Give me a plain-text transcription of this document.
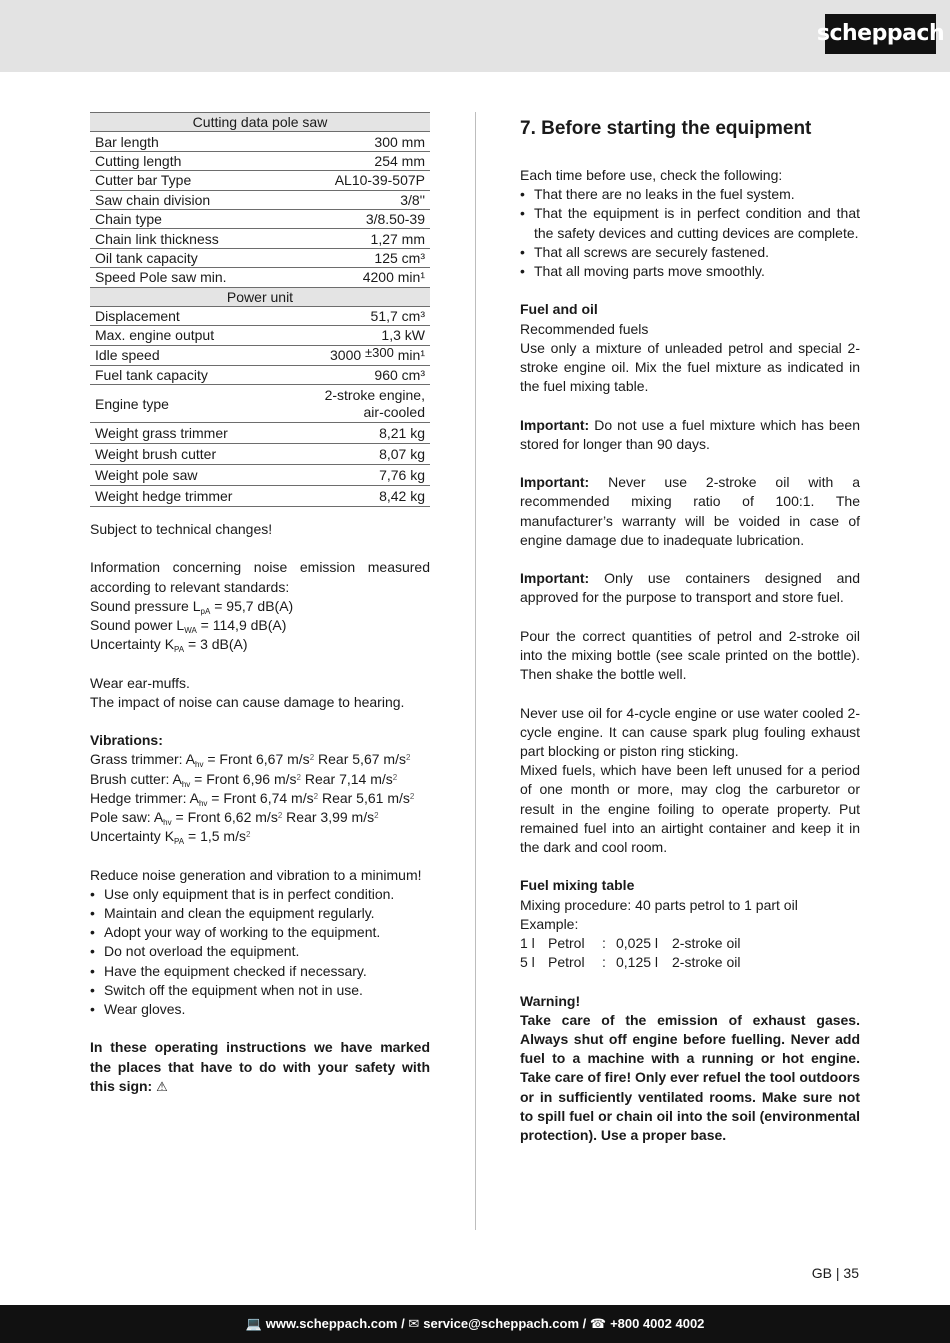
scheppach
Cutting data pole saw	
Bar length	300 mm
Cutting length	254 mm
Cutter bar Type	AL10-39-507P
Saw chain division	3/8''
Chain type	3/8.50-39
Chain link thickness	1,27 mm
Oil tank capacity	125 cm³
Speed Pole saw min.	4200 min¹
Power unit	
Displacement	51,7 cm³
Max. engine output	1,3 kW
Idle speed	3000 ±300 min¹
Fuel tank capacity	960 cm³
Engine type	2-stroke engine,
air-cooled

Weight grass trimmer	8,21 kg
Weight brush cutter	8,07 kg
Weight pole saw	7,76 kg
Weight hedge trimmer	8,42 kg

Subject to technical changes!

Information concerning noise emission measured according to relevant standards:

Sound pressure $L_{pA} = 95,7$ dB(A)

Sound power $L_{WA} = 114,9$ dB(A)

Uncertainty $K_{PA} = 3$ dB(A)

Wear ear-muffs.

The impact of noise can cause damage to hearing.

Vibrations:

Grass trimmer: $A_{hv}$ = Front 6,67 $m/s^2$ Rear 5,67 $m/s^2$

Brush cutter: $A_{hv}$ = Front 6,96 $m/s^2$ Rear 7,14 $m/s^2$

Hedge trimmer: $A_{hv}$ = Front 6,74 $m/s^2$ Rear 5,61 $m/s^2$

Pole saw: $A_{hv}$ = Front 6,62 $m/s^2$ Rear 3,99 $m/s^2$

Uncertainty $K_{PA} = 1,5$ $m/s^2$

Reduce noise generation and vibration to a minimum!

• Use only equipment that is in perfect condition.
• Maintain and clean the equipment regularly.
• Adopt your way of working to the equipment.
• Do not overload the equipment.
• Have the equipment checked if necessary.
• Switch off the equipment when not in use.
• Wear gloves.

In these operating instructions we have marked the places that have to do with your safety with this sign: ⚠

7. Before starting the equipment

Each time before use, check the following:

• That there are no leaks in the fuel system.
• That the equipment is in perfect condition and that the safety devices and cutting devices are complete.
• That all screws are securely fastened.
• That all moving parts move smoothly.

Fuel and oil

Recommended fuels

Use only a mixture of unleaded petrol and special 2-stroke engine oil. Mix the fuel mixture as indicated in the fuel mixing table.

Important: Do not use a fuel mixture which has been stored for longer than 90 days.

Important: Never use 2-stroke oil with a recommended mixing ratio of 100:1. The manufacturer’s warranty will be voided in case of engine damage due to inadequate lubrication.

Important: Only use containers designed and approved for the purpose to transport and store fuel.

Pour the correct quantities of petrol and 2-stroke oil into the mixing bottle (see scale printed on the bottle). Then shake the bottle well.

Never use oil for 4-cycle engine or use water cooled 2-cycle engine. It can cause spark plug fouling exhaust part blocking or piston ring sticking.

Mixed fuels, which have been left unused for a period of one month or more, may clog the carburetor or result in the engine foiling to operate property. Put remained fuel into an airtight container and keep it in the dark and cool room.

Fuel mixing table

Mixing procedure: 40 parts petrol to 1 part oil

Example:

1 l Petrol	: 0,025 l 2-stroke oil
5 l Petrol	: 0,125 l 2-stroke oil

Warning!

Take care of the emission of exhaust gases. Always shut off engine before fuelling. Never add fuel to a machine with a running or hot engine. Take care of fire! Only ever refuel the tool outdoors or in sufficiently ventilated rooms. Make sure not to spill fuel or chain oil into the soil (environmental protection). Use a proper base.

GB | 35
💻 www.scheppach.com /
✉ service@scheppach.com /
☎ +800 4002 4002
